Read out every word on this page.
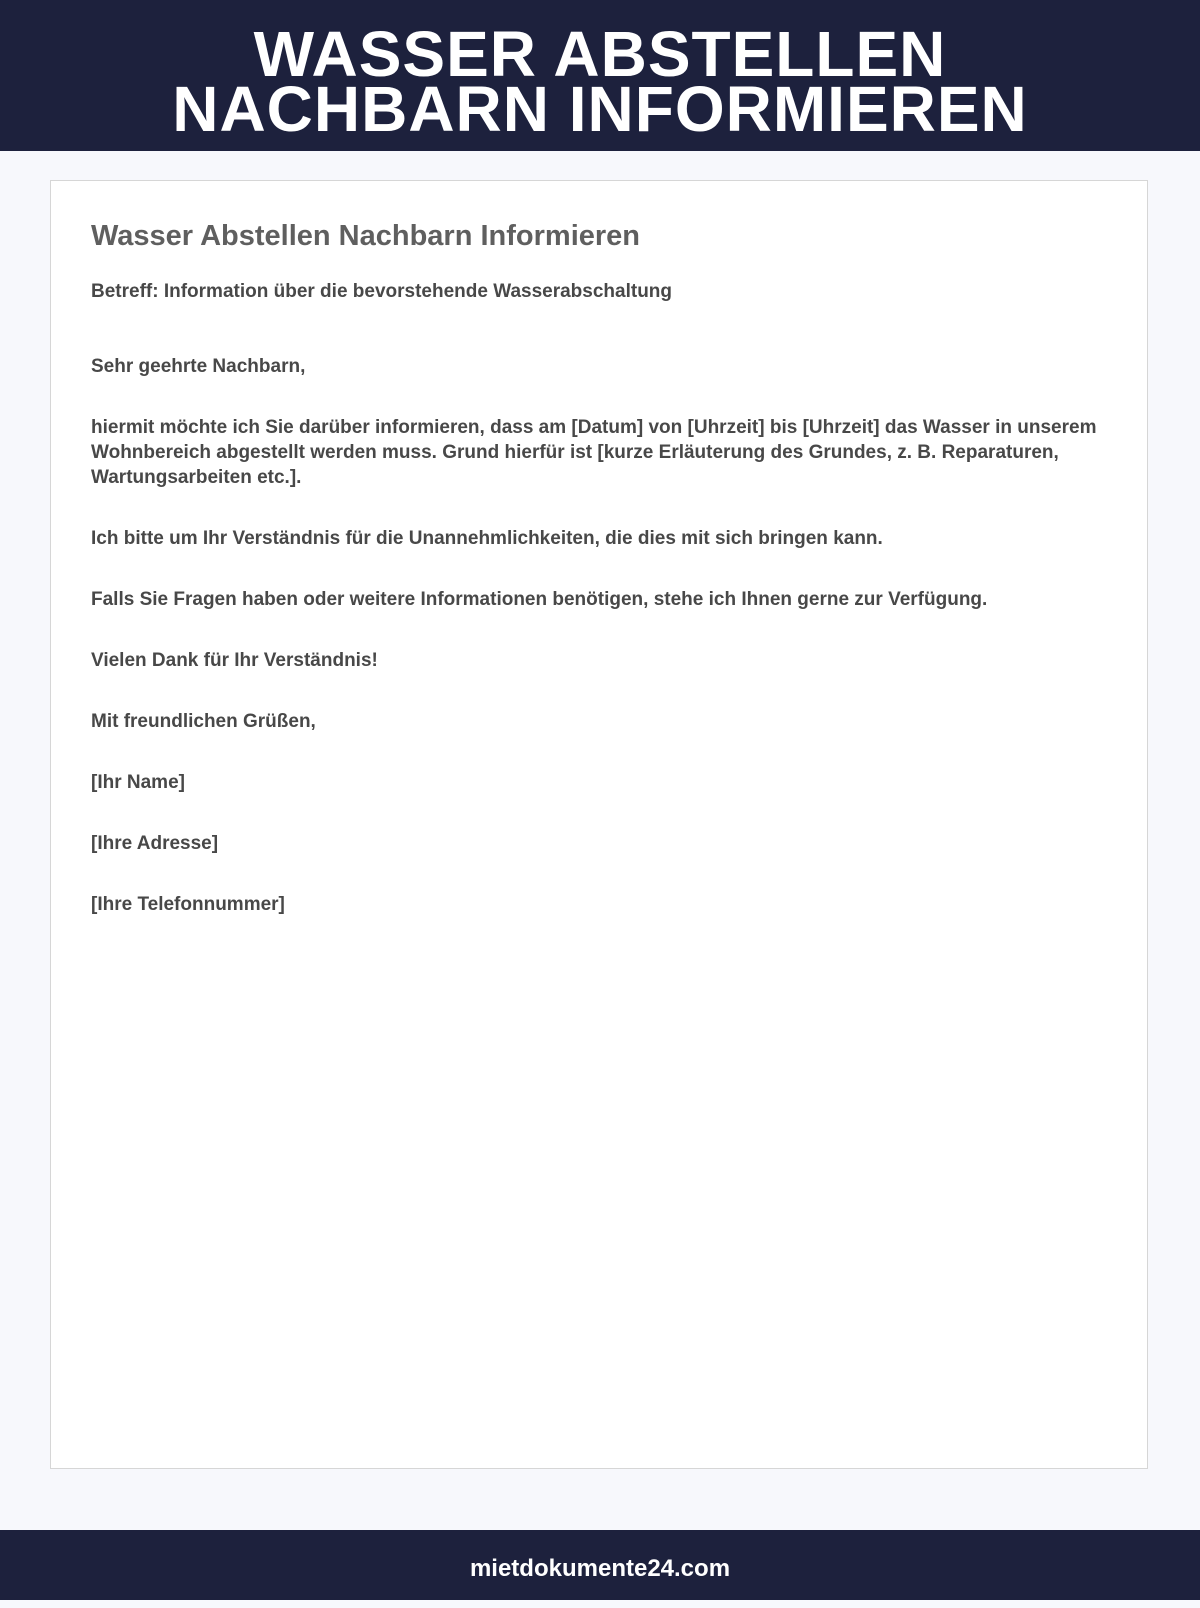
WASSER ABSTELLEN
NACHBARN INFORMIEREN
Wasser Abstellen Nachbarn Informieren

Betreff: Information über die bevorstehende Wasserabschaltung

Sehr geehrte Nachbarn,

hiermit möchte ich Sie darüber informieren, dass am [Datum] von [Uhrzeit] bis [Uhrzeit] das Wasser in unserem Wohnbereich abgestellt werden muss. Grund hierfür ist [kurze Erläuterung des Grundes, z. B. Reparaturen, Wartungsarbeiten etc.].

Ich bitte um Ihr Verständnis für die Unannehmlichkeiten, die dies mit sich bringen kann.

Falls Sie Fragen haben oder weitere Informationen benötigen, stehe ich Ihnen gerne zur Verfügung.

Vielen Dank für Ihr Verständnis!

Mit freundlichen Grüßen,

[Ihr Name]

[Ihre Adresse]

[Ihre Telefonnummer]

mietdokumente24.com
